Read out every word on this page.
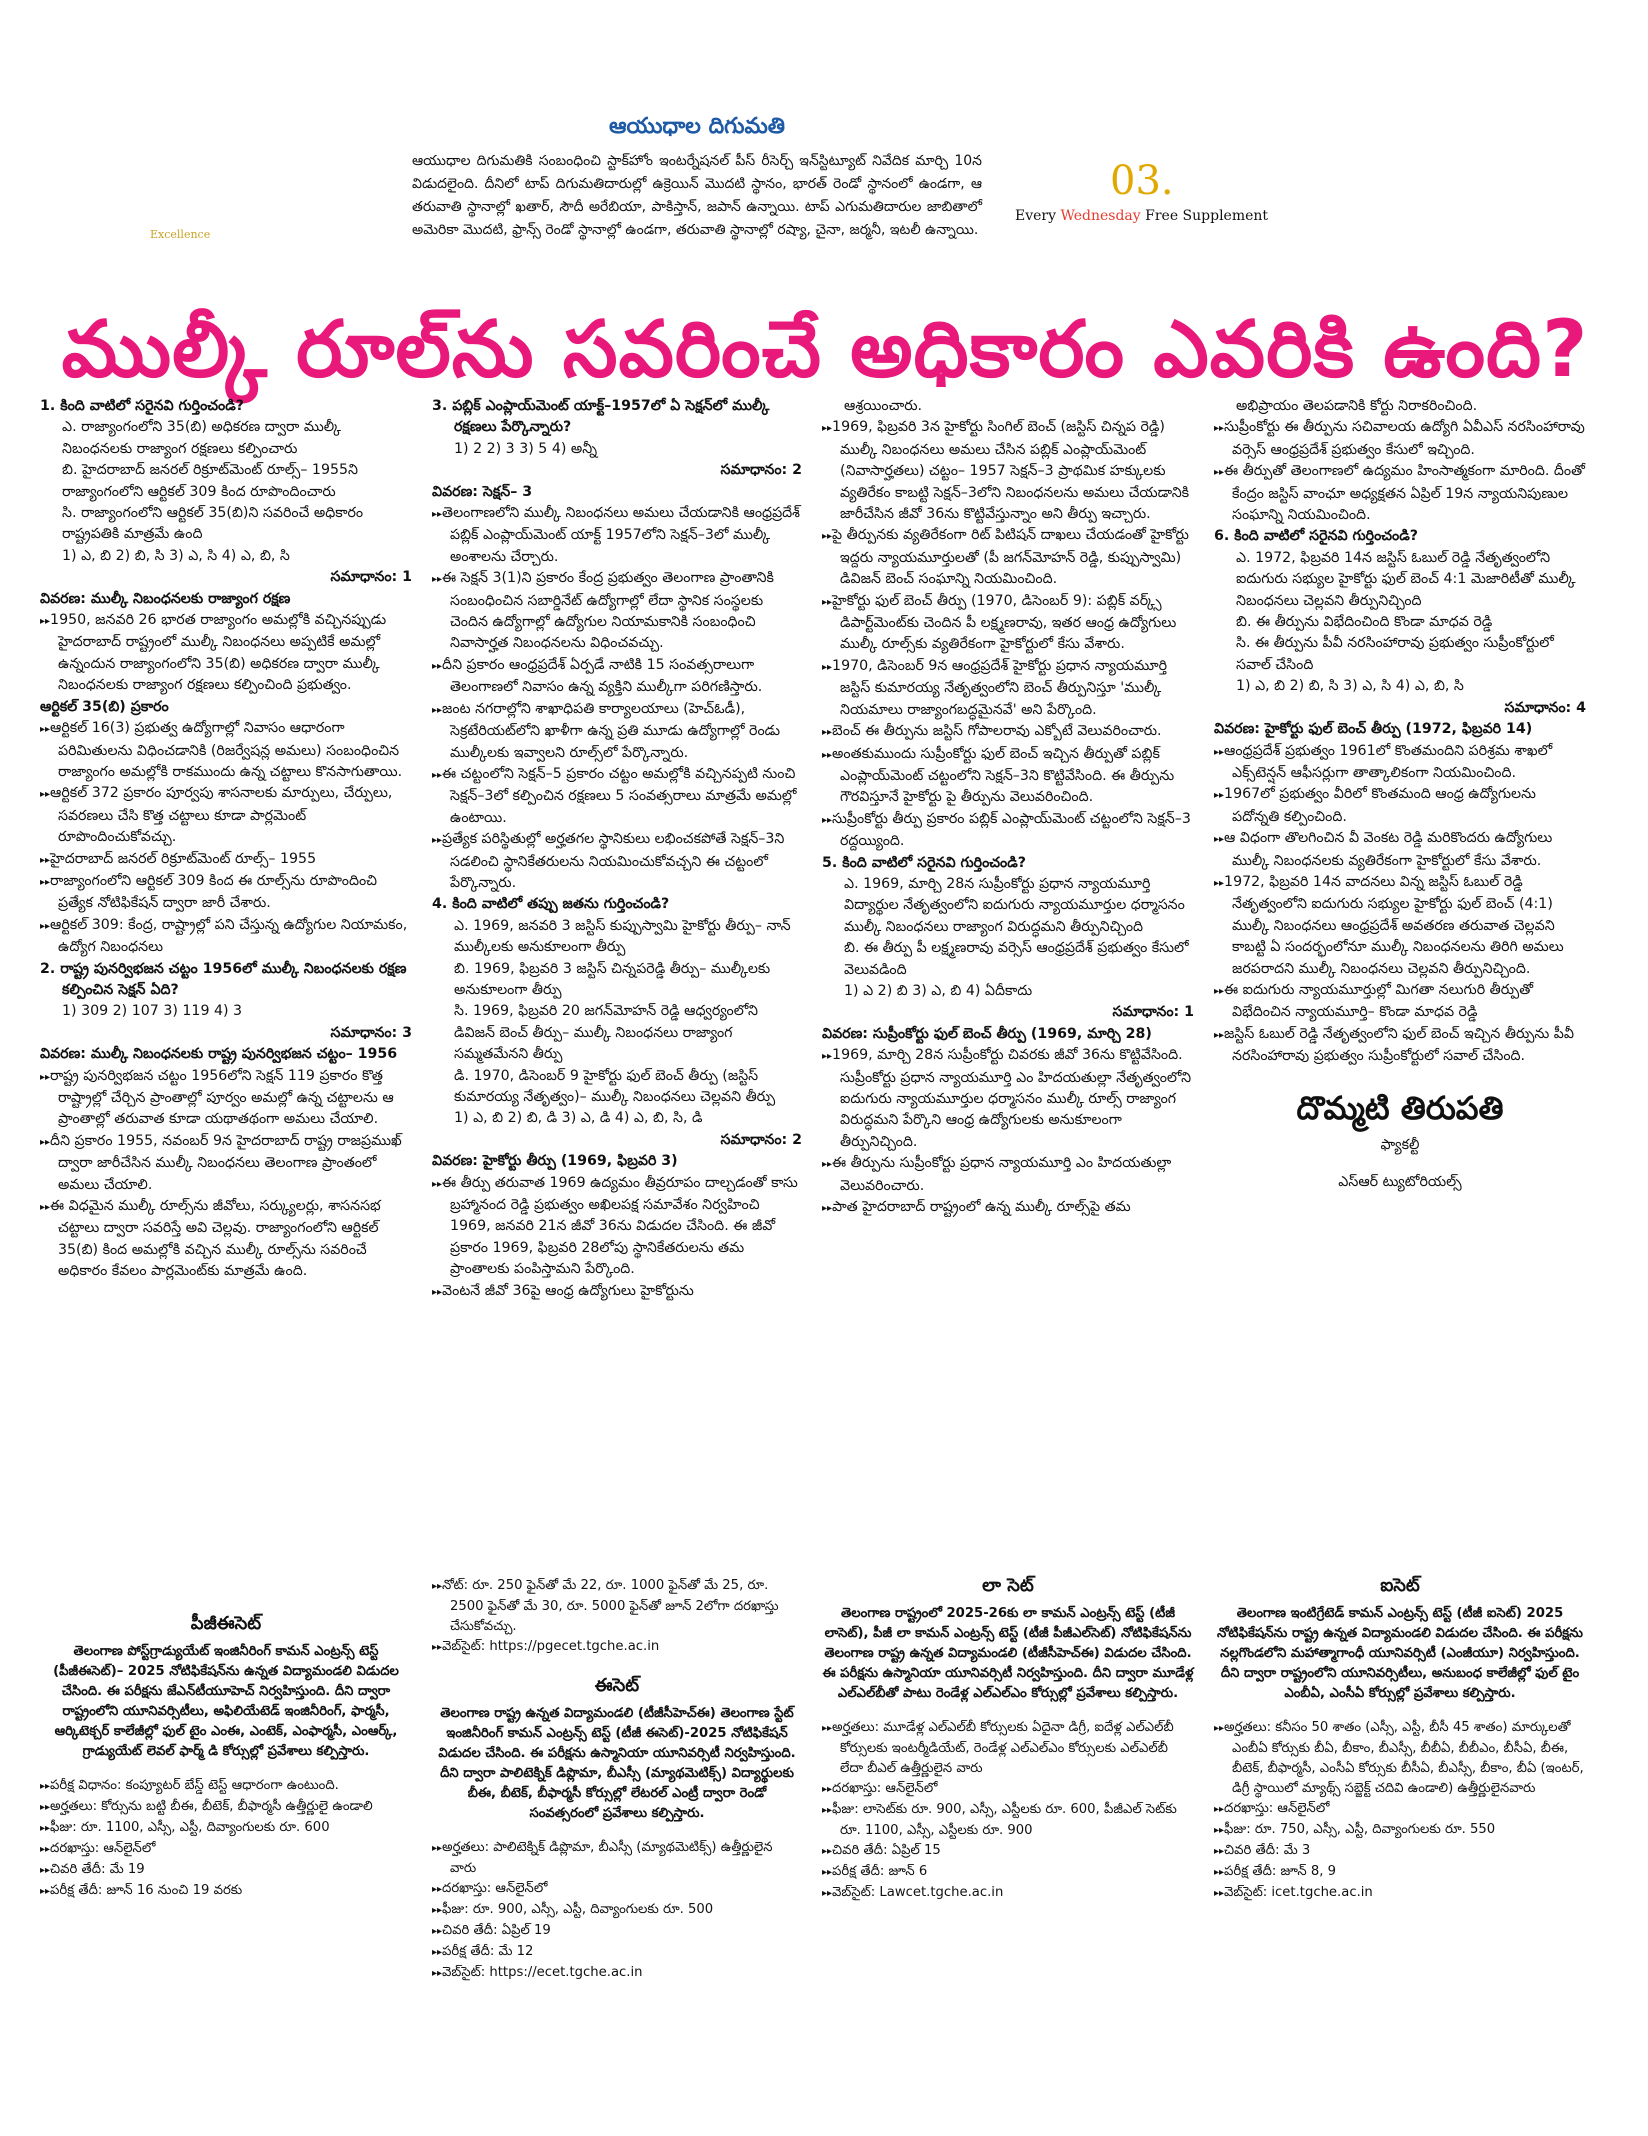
Excellence
ఆయుధాల దిగుమతి
ఆయుధాల దిగుమతికి సంబంధించి స్టాక్‌హోం ఇంటర్నేషనల్ పీస్ రీసెర్చ్ ఇన్‌స్టిట్యూట్ నివేదిక మార్చి 10న విడుదలైంది. దీనిలో టాప్ దిగుమతిదారుల్లో ఉక్రెయిన్ మొదటి స్థానం, భారత్ రెండో స్థానంలో ఉండగా, ఆ తరువాతి స్థానాల్లో ఖతార్, సౌదీ అరేబియా, పాకిస్తాన్, జపాన్ ఉన్నాయి. టాప్ ఎగుమతిదారుల జాబితాలో అమెరికా మొదటి, ఫ్రాన్స్ రెండో స్థానాల్లో ఉండగా, తరువాతి స్థానాల్లో రష్యా, చైనా, జర్మనీ, ఇటలీ ఉన్నాయి.
03.
Every Wednesday Free Supplement
ముల్కీ రూల్‌ను సవరించే అధికారం ఎవరికి ఉంది?

1. కింది వాటిలో సరైనవి గుర్తించండి?

ఎ. రాజ్యాంగంలోని 35(బి) అధికరణ ద్వారా ముల్కీ నిబంధనలకు రాజ్యాంగ రక్షణలు కల్పించారు

బి. హైదరాబాద్ జనరల్ రిక్రూట్‌మెంట్ రూల్స్– 1955ని రాజ్యాంగంలోని ఆర్టికల్ 309 కింద రూపొందించారు

సి. రాజ్యాంగంలోని ఆర్టికల్ 35(బి)ని సవరించే అధికారం రాష్ట్రపతికి మాత్రమే ఉంది

1) ఎ, బి 2) బి, సి 3) ఎ, సి 4) ఎ, బి, సి

సమాధానం: 1

వివరణ: ముల్కీ నిబంధనలకు రాజ్యాంగ రక్షణ

▸▸ 1950, జనవరి 26 భారత రాజ్యాంగం అమల్లోకి వచ్చినప్పుడు హైదరాబాద్ రాష్ట్రంలో ముల్కీ నిబంధనలు అప్పటికే అమల్లో ఉన్నందున రాజ్యాంగంలోని 35(బి) అధికరణ ద్వారా ముల్కీ నిబంధనలకు రాజ్యాంగ రక్షణలు కల్పించింది ప్రభుత్వం.

ఆర్టికల్ 35(బి) ప్రకారం

▸▸ ఆర్టికల్ 16(3) ప్రభుత్వ ఉద్యోగాల్లో నివాసం ఆధారంగా పరిమితులను విధించడానికి (రిజర్వేషన్ల అమలు) సంబంధించిన రాజ్యాంగం అమల్లోకి రాకముందు ఉన్న చట్టాలు కొనసాగుతాయి.

▸▸ ఆర్టికల్ 372 ప్రకారం పూర్వపు శాసనాలకు మార్పులు, చేర్పులు, సవరణలు చేసి కొత్త చట్టాలు కూడా పార్లమెంట్ రూపొందించుకోవచ్చు.

▸▸ హైదరాబాద్ జనరల్ రిక్రూట్‌మెంట్ రూల్స్– 1955

▸▸ రాజ్యాంగంలోని ఆర్టికల్ 309 కింద ఈ రూల్స్‌ను రూపొందించి ప్రత్యేక నోటిఫికేషన్ ద్వారా జారీ చేశారు.

▸▸ ఆర్టికల్ 309: కేంద్ర, రాష్ట్రాల్లో పని చేస్తున్న ఉద్యోగుల నియామకం, ఉద్యోగ నిబంధనలు

2. రాష్ట్ర పునర్విభజన చట్టం 1956లో ముల్కీ నిబంధనలకు రక్షణ కల్పించిన సెక్షన్ ఏది?

1) 309 2) 107 3) 119 4) 3

సమాధానం: 3

వివరణ: ముల్కీ నిబంధనలకు రాష్ట్ర పునర్విభజన చట్టం– 1956

▸▸ రాష్ట్ర పునర్విభజన చట్టం 1956లోని సెక్షన్ 119 ప్రకారం కొత్త రాష్ట్రాల్లో చేర్చిన ప్రాంతాల్లో పూర్వం అమల్లో ఉన్న చట్టాలను ఆ ప్రాంతాల్లో తరువాత కూడా యథాతథంగా అమలు చేయాలి.

▸▸ దీని ప్రకారం 1955, నవంబర్ 9న హైదరాబాద్ రాష్ట్ర రాజప్రముఖ్ ద్వారా జారీచేసిన ముల్కీ నిబంధనలు తెలంగాణ ప్రాంతంలో అమలు చేయాలి.

▸▸ ఈ విధమైన ముల్కీ రూల్స్‌ను జీవోలు, సర్క్యులర్లు, శాసనసభ చట్టాలు ద్వారా సవరిస్తే అవి చెల్లవు. రాజ్యాంగంలోని ఆర్టికల్ 35(బి) కింద అమల్లోకి వచ్చిన ముల్కీ రూల్స్‌ను సవరించే అధికారం కేవలం పార్లమెంట్‌కు మాత్రమే ఉంది.

3. పబ్లిక్ ఎంప్లాయ్‌మెంట్ యాక్ట్–1957లో ఏ సెక్షన్‌లో ముల్కీ రక్షణలు పేర్కొన్నారు?

1) 2 2) 3 3) 5 4) అన్నీ

సమాధానం: 2

వివరణ: సెక్షన్– 3

▸▸ తెలంగాణలోని ముల్కీ నిబంధనలు అమలు చేయడానికి ఆంధ్రప్రదేశ్ పబ్లిక్ ఎంప్లాయ్‌మెంట్ యాక్ట్ 1957లోని సెక్షన్–3లో ముల్కీ అంశాలను చేర్చారు.

▸▸ ఈ సెక్షన్ 3(1)ని ప్రకారం కేంద్ర ప్రభుత్వం తెలంగాణ ప్రాంతానికి సంబంధించిన సబార్డినేట్ ఉద్యోగాల్లో లేదా స్థానిక సంస్థలకు చెందిన ఉద్యోగాల్లో ఉద్యోగుల నియామకానికి సంబంధించి నివాసార్హత నిబంధనలను విధించవచ్చు.

▸▸ దీని ప్రకారం ఆంధ్రప్రదేశ్ ఏర్పడే నాటికి 15 సంవత్సరాలుగా తెలంగాణలో నివాసం ఉన్న వ్యక్తిని ముల్కీగా పరిగణిస్తారు.

▸▸ జంట నగరాల్లోని శాఖాధిపతి కార్యాలయాలు (హెచ్‌ఓడీ), సెక్రటేరియట్‌లోని ఖాళీగా ఉన్న ప్రతి మూడు ఉద్యోగాల్లో రెండు ముల్కీలకు ఇవ్వాలని రూల్స్‌లో పేర్కొన్నారు.

▸▸ ఈ చట్టంలోని సెక్షన్–5 ప్రకారం చట్టం అమల్లోకి వచ్చినప్పటి నుంచి సెక్షన్–3లో కల్పించిన రక్షణలు 5 సంవత్సరాలు మాత్రమే అమల్లో ఉంటాయి.

▸▸ ప్రత్యేక పరిస్థితుల్లో అర్హతగల స్థానికులు లభించకపోతే సెక్షన్–3ని సడలించి స్థానికేతరులను నియమించుకోవచ్చని ఈ చట్టంలో పేర్కొన్నారు.

4. కింది వాటిలో తప్పు జతను గుర్తించండి?

ఎ. 1969, జనవరి 3 జస్టిస్ కుప్పుస్వామి హైకోర్టు తీర్పు– నాన్ ముల్కీలకు అనుకూలంగా తీర్పు

బి. 1969, ఫిబ్రవరి 3 జస్టిస్ చిన్నపరెడ్డి తీర్పు– ముల్కీలకు అనుకూలంగా తీర్పు

సి. 1969, ఫిబ్రవరి 20 జగన్‌మోహన్ రెడ్డి ఆధ్వర్యంలోని డివిజన్ బెంచ్ తీర్పు– ముల్కీ నిబంధనలు రాజ్యాంగ సమ్మతమేనని తీర్పు

డి. 1970, డిసెంబర్ 9 హైకోర్టు ఫుల్ బెంచ్ తీర్పు (జస్టిస్ కుమారయ్య నేతృత్వం)– ముల్కీ నిబంధనలు చెల్లవని తీర్పు

1) ఎ, బి 2) బి, డి 3) ఎ, డి 4) ఎ, బి, సి, డి

సమాధానం: 2

వివరణ: హైకోర్టు తీర్పు (1969, ఫిబ్రవరి 3)

▸▸ ఈ తీర్పు తరువాత 1969 ఉద్యమం తీవ్రరూపం దాల్చడంతో కాసు బ్రహ్మానంద రెడ్డి ప్రభుత్వం అఖిలపక్ష సమావేశం నిర్వహించి 1969, జనవరి 21న జీవో 36ను విడుదల చేసింది. ఈ జీవో ప్రకారం 1969, ఫిబ్రవరి 28లోపు స్థానికేతరులను తమ ప్రాంతాలకు పంపిస్తామని పేర్కొంది.

▸▸ వెంటనే జీవో 36పై ఆంధ్ర ఉద్యోగులు హైకోర్టును

ఆశ్రయించారు.

▸▸ 1969, ఫిబ్రవరి 3న హైకోర్టు సింగిల్ బెంచ్ (జస్టిస్ చిన్నప రెడ్డి) ముల్కీ నిబంధనలు అమలు చేసిన పబ్లిక్ ఎంప్లాయ్‌మెంట్ (నివాసార్హతలు) చట్టం– 1957 సెక్షన్–3 ప్రాథమిక హక్కులకు వ్యతిరేకం కాబట్టి సెక్షన్–3లోని నిబంధనలను అమలు చేయడానికి జారీచేసిన జీవో 36ను కొట్టివేస్తున్నాం అని తీర్పు ఇచ్చారు.

▸▸ పై తీర్పునకు వ్యతిరేకంగా రిట్ పిటిషన్ దాఖలు చేయడంతో హైకోర్టు ఇద్దరు న్యాయమూర్తులతో (పీ జగన్‌మోహన్ రెడ్డి, కుప్పుస్వామి) డివిజన్ బెంచ్ సంఘాన్ని నియమించింది.

▸▸ హైకోర్టు ఫుల్ బెంచ్ తీర్పు (1970, డిసెంబర్ 9): పబ్లిక్ వర్క్స్ డిపార్ట్‌మెంట్‌కు చెందిన పీ లక్ష్మణరావు, ఇతర ఆంధ్ర ఉద్యోగులు ముల్కీ రూల్స్‌కు వ్యతిరేకంగా హైకోర్టులో కేసు వేశారు.

▸▸ 1970, డిసెంబర్ 9న ఆంధ్రప్రదేశ్ హైకోర్టు ప్రధాన న్యాయమూర్తి జస్టిస్ కుమారయ్య నేతృత్వంలోని బెంచ్ తీర్పునిస్తూ 'ముల్కీ నియమాలు రాజ్యాంగబద్ధమైనవే' అని పేర్కొంది.

▸▸ బెంచ్ ఈ తీర్పును జస్టిస్ గోపాలరావు ఎక్బోటే వెలువరించారు.

▸▸ అంతకుముందు సుప్రీంకోర్టు ఫుల్ బెంచ్ ఇచ్చిన తీర్పుతో పబ్లిక్ ఎంప్లాయ్‌మెంట్ చట్టంలోని సెక్షన్–3ని కొట్టివేసింది. ఈ తీర్పును గౌరవిస్తూనే హైకోర్టు పై తీర్పును వెలువరించింది.

▸▸ సుప్రీంకోర్టు తీర్పు ప్రకారం పబ్లిక్ ఎంప్లాయ్‌మెంట్ చట్టంలోని సెక్షన్–3 రద్దయ్యింది.

5. కింది వాటిలో సరైనవి గుర్తించండి?

ఎ. 1969, మార్చి 28న సుప్రీంకోర్టు ప్రధాన న్యాయమూర్తి విద్యార్థుల నేతృత్వంలోని ఐదుగురు న్యాయమూర్తుల ధర్మాసనం ముల్కీ నిబంధనలు రాజ్యాంగ విరుద్ధమని తీర్పునిచ్చింది

బి. ఈ తీర్పు పీ లక్ష్మణరావు వర్సెస్ ఆంధ్రప్రదేశ్ ప్రభుత్వం కేసులో వెలువడింది

1) ఎ 2) బి 3) ఎ, బి 4) ఏదీకాదు

సమాధానం: 1

వివరణ: సుప్రీంకోర్టు ఫుల్ బెంచ్ తీర్పు (1969, మార్చి 28)

▸▸ 1969, మార్చి 28న సుప్రీంకోర్టు చివరకు జీవో 36ను కొట్టివేసింది. సుప్రీంకోర్టు ప్రధాన న్యాయమూర్తి ఎం హిదయతుల్లా నేతృత్వంలోని ఐదుగురు న్యాయమూర్తుల ధర్మాసనం ముల్కీ రూల్స్ రాజ్యాంగ విరుద్ధమని పేర్కొని ఆంధ్ర ఉద్యోగులకు అనుకూలంగా తీర్పునిచ్చింది.

▸▸ ఈ తీర్పును సుప్రీంకోర్టు ప్రధాన న్యాయమూర్తి ఎం హిదయతుల్లా వెలువరించారు.

▸▸ పాత హైదరాబాద్ రాష్ట్రంలో ఉన్న ముల్కీ రూల్స్‌పై తమ

అభిప్రాయం తెలపడానికి కోర్టు నిరాకరించింది.

▸▸ సుప్రీంకోర్టు ఈ తీర్పును సచివాలయ ఉద్యోగి ఏవీఎస్ నరసింహారావు వర్సెస్ ఆంధ్రప్రదేశ్ ప్రభుత్వం కేసులో ఇచ్చింది.

▸▸ ఈ తీర్పుతో తెలంగాణలో ఉద్యమం హింసాత్మకంగా మారింది. దీంతో కేంద్రం జస్టిస్ వాంఛూ అధ్యక్షతన ఏప్రిల్ 19న న్యాయనిపుణుల సంఘాన్ని నియమించింది.

6. కింది వాటిలో సరైనవి గుర్తించండి?

ఎ. 1972, ఫిబ్రవరి 14న జస్టిస్ ఓబుల్ రెడ్డి నేతృత్వంలోని ఐదుగురు సభ్యుల హైకోర్టు ఫుల్ బెంచ్ 4:1 మెజారిటీతో ముల్కీ నిబంధనలు చెల్లవని తీర్పునిచ్చింది

బి. ఈ తీర్పును విభేదించింది కొండా మాధవ రెడ్డి

సి. ఈ తీర్పును పీవీ నరసింహారావు ప్రభుత్వం సుప్రీంకోర్టులో సవాల్ చేసింది

1) ఎ, బి 2) బి, సి 3) ఎ, సి 4) ఎ, బి, సి

సమాధానం: 4

వివరణ: హైకోర్టు ఫుల్ బెంచ్ తీర్పు (1972, ఫిబ్రవరి 14)

▸▸ ఆంధ్రప్రదేశ్ ప్రభుత్వం 1961లో కొంతమందిని పరిశ్రమ శాఖలో ఎక్స్‌టెన్షన్ ఆఫీసర్లుగా తాత్కాలికంగా నియమించింది.

▸▸ 1967లో ప్రభుత్వం వీరిలో కొంతమంది ఆంధ్ర ఉద్యోగులను పదోన్నతి కల్పించింది.

▸▸ ఆ విధంగా తొలగించిన వీ వెంకట రెడ్డి మరికొందరు ఉద్యోగులు ముల్కీ నిబంధనలకు వ్యతిరేకంగా హైకోర్టులో కేసు వేశారు.

▸▸ 1972, ఫిబ్రవరి 14న వాదనలు విన్న జస్టిస్ ఓబుల్ రెడ్డి నేతృత్వంలోని ఐదుగురు సభ్యుల హైకోర్టు ఫుల్ బెంచ్ (4:1) ముల్కీ నిబంధనలు ఆంధ్రప్రదేశ్ అవతరణ తరువాత చెల్లవని కాబట్టి ఏ సందర్భంలోనూ ముల్కీ నిబంధనలను తిరిగి అమలు జరపరాదని ముల్కీ నిబంధనలు చెల్లవని తీర్పునిచ్చింది.

▸▸ ఈ ఐదుగురు న్యాయమూర్తుల్లో మిగతా నలుగురి తీర్పుతో విభేదించిన న్యాయమూర్తి– కొండా మాధవ రెడ్డి

▸▸ జస్టిస్ ఓబుల్ రెడ్డి నేతృత్వంలోని ఫుల్ బెంచ్ ఇచ్చిన తీర్పును పీవీ నరసింహారావు ప్రభుత్వం సుప్రీంకోర్టులో సవాల్ చేసింది.

దొమ్మటి తిరుపతి
ఫ్యాకల్టీ
ఎస్‌ఆర్ ట్యుటోరియల్స్
పీజీఈసెట్

తెలంగాణ పోస్ట్‌గ్రాడ్యుయేట్ ఇంజినీరింగ్ కామన్ ఎంట్రన్స్ టెస్ట్ (పీజీఈసెట్)– 2025 నోటిఫికేషన్‌ను ఉన్నత విద్యామండలి విడుదల చేసింది. ఈ పరీక్షను జేఎన్‌టీయూహెచ్ నిర్వహిస్తుంది. దీని ద్వారా రాష్ట్రంలోని యూనివర్సిటీలు, అఫిలియేటెడ్ ఇంజినీరింగ్, ఫార్మసీ, ఆర్కిటెక్చర్ కాలేజీల్లో ఫుల్ టైం ఎంఈ, ఎంటెక్, ఎంఫార్మసీ, ఎంఆర్క్, గ్రాడ్యుయేట్ లెవల్ ఫార్మ్ డి కోర్సుల్లో ప్రవేశాలు కల్పిస్తారు.

▸▸ పరీక్ష విధానం: కంప్యూటర్ బేస్డ్ టెస్ట్ ఆధారంగా ఉంటుంది.

▸▸ అర్హతలు: కోర్సును బట్టి బీఈ, బీటెక్, బీఫార్మసీ ఉత్తీర్ణులై ఉండాలి

▸▸ ఫీజు: రూ. 1100, ఎస్సీ, ఎస్టీ, దివ్యాంగులకు రూ. 600

▸▸ దరఖాస్తు: ఆన్‌లైన్‌లో

▸▸ చివరి తేదీ: మే 19

▸▸ పరీక్ష తేదీ: జూన్ 16 నుంచి 19 వరకు

▸▸ నోట్: రూ. 250 ఫైన్‌తో మే 22, రూ. 1000 ఫైన్‌తో మే 25, రూ. 2500 ఫైన్‌తో మే 30, రూ. 5000 ఫైన్‌తో జూన్ 2లోగా దరఖాస్తు చేసుకోవచ్చు.

▸▸ వెబ్‌సైట్: https://pgecet.tgche.ac.in

ఈసెట్

తెలంగాణ రాష్ట్ర ఉన్నత విద్యామండలి (టీజీసీహెచ్ఈ) తెలంగాణ స్టేట్ ఇంజినీరింగ్ కామన్ ఎంట్రన్స్ టెస్ట్ (టీజీ ఈసెట్)-2025 నోటిఫికేషన్ విడుదల చేసింది. ఈ పరీక్షను ఉస్మానియా యూనివర్సిటీ నిర్వహిస్తుంది. దీని ద్వారా పాలిటెక్నిక్ డిప్లొమా, బీఎస్సీ (మ్యాథమెటిక్స్) విద్యార్థులకు బీఈ, బీటెక్, బీఫార్మసీ కోర్సుల్లో లేటరల్ ఎంట్రీ ద్వారా రెండో సంవత్సరంలో ప్రవేశాలు కల్పిస్తారు.

▸▸ అర్హతలు: పాలిటెక్నిక్ డిప్లొమా, బీఎస్సీ (మ్యాథమెటిక్స్) ఉత్తీర్ణులైన వారు

▸▸ దరఖాస్తు: ఆన్‌లైన్‌లో

▸▸ ఫీజు: రూ. 900, ఎస్సీ, ఎస్టీ, దివ్యాంగులకు రూ. 500

▸▸ చివరి తేదీ: ఏప్రిల్ 19

▸▸ పరీక్ష తేదీ: మే 12

▸▸ వెబ్‌సైట్: https://ecet.tgche.ac.in

లా సెట్

తెలంగాణ రాష్ట్రంలో 2025-26కు లా కామన్ ఎంట్రన్స్ టెస్ట్ (టీజీ లాసెట్), పీజీ లా కామన్ ఎంట్రన్స్ టెస్ట్ (టీజీ పీజీఎల్‌సెట్) నోటిఫికేషన్‌ను తెలంగాణ రాష్ట్ర ఉన్నత విద్యామండలి (టీజీసీహెచ్ఈ) విడుదల చేసింది. ఈ పరీక్షను ఉస్మానియా యూనివర్సిటీ నిర్వహిస్తుంది. దీని ద్వారా మూడేళ్ల ఎల్‌ఎల్‌బీతో పాటు రెండేళ్ల ఎల్‌ఎల్‌ఎం కోర్సుల్లో ప్రవేశాలు కల్పిస్తారు.

▸▸ అర్హతలు: మూడేళ్ల ఎల్‌ఎల్‌బీ కోర్సులకు ఏదైనా డిగ్రీ, ఐదేళ్ల ఎల్‌ఎల్‌బీ కోర్సులకు ఇంటర్మీడియేట్, రెండేళ్ల ఎల్‌ఎల్‌ఎం కోర్సులకు ఎల్‌ఎల్‌బీ లేదా బీఎల్ ఉత్తీర్ణులైన వారు

▸▸ దరఖాస్తు: ఆన్‌లైన్‌లో

▸▸ ఫీజు: లాసెట్‌కు రూ. 900, ఎస్సీ, ఎస్టీలకు రూ. 600, పీజీఎల్ సెట్‌కు రూ. 1100, ఎస్సీ, ఎస్టీలకు రూ. 900

▸▸ చివరి తేదీ: ఏప్రిల్ 15

▸▸ పరీక్ష తేదీ: జూన్ 6

▸▸ వెబ్‌సైట్: Lawcet.tgche.ac.in

ఐసెట్

తెలంగాణ ఇంటిగ్రేటెడ్ కామన్ ఎంట్రన్స్ టెస్ట్ (టీజీ ఐసెట్) 2025 నోటిఫికేషన్‌ను రాష్ట్ర ఉన్నత విద్యామండలి విడుదల చేసింది. ఈ పరీక్షను నల్లగొండలోని మహాత్మాగాంధీ యూనివర్సిటీ (ఎంజీయూ) నిర్వహిస్తుంది. దీని ద్వారా రాష్ట్రంలోని యూనివర్సిటీలు, అనుబంధ కాలేజీల్లో ఫుల్ టైం ఎంబీఏ, ఎంసీఏ కోర్సుల్లో ప్రవేశాలు కల్పిస్తారు.

▸▸ అర్హతలు: కనీసం 50 శాతం (ఎస్సీ, ఎస్టీ, బీసీ 45 శాతం) మార్కులతో ఎంబీఏ కోర్సుకు బీఏ, బీకాం, బీఎస్సీ, బీబీఏ, బీబీఎం, బీసీఏ, బీఈ, బీటెక్, బీఫార్మసీ, ఎంసీఏ కోర్సుకు బీసీఏ, బీఎస్సీ, బీకాం, బీఏ (ఇంటర్, డిగ్రీ స్థాయిలో మ్యాథ్స్ సబ్జెక్ట్ చదివి ఉండాలి) ఉత్తీర్ణులైనవారు

▸▸ దరఖాస్తు: ఆన్‌లైన్‌లో

▸▸ ఫీజు: రూ. 750, ఎస్సీ, ఎస్టీ, దివ్యాంగులకు రూ. 550

▸▸ చివరి తేదీ: మే 3

▸▸ పరీక్ష తేదీ: జూన్ 8, 9

▸▸ వెబ్‌సైట్: icet.tgche.ac.in
